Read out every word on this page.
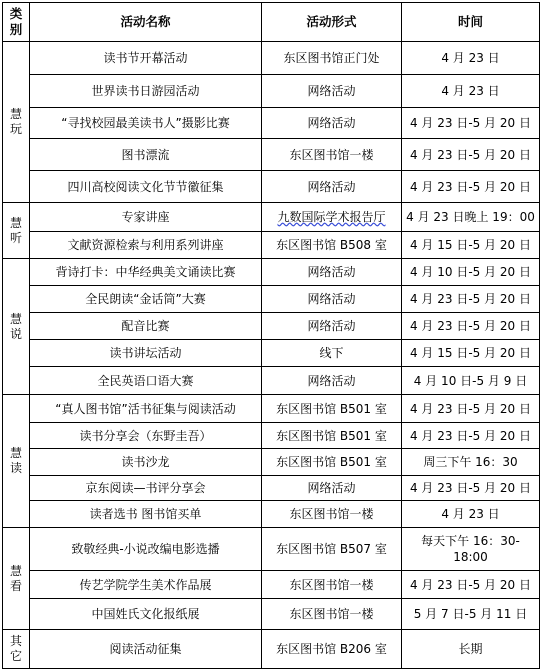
类别	活动名称	活动形式	时间
慧玩	读书节开幕活动	东区图书馆正门处	4 月 23 日
	世界读书日游园活动	网络活动	4 月 23 日
	“寻找校园最美读书人”摄影比赛	网络活动	4 月 23 日-5 月 20 日
	图书漂流	东区图书馆一楼	4 月 23 日-5 月 20 日
	四川高校阅读文化节节徽征集	网络活动	4 月 23 日-5 月 20 日
慧听	专家讲座	九数国际学术报告厅	4 月 23 日晚上 19：00
	文献资源检索与利用系列讲座	东区图书馆 B508 室	4 月 15 日-5 月 20 日
慧说	背诗打卡：中华经典美文诵读比赛	网络活动	4 月 10 日-5 月 20 日
	全民朗读“金话筒”大赛	网络活动	4 月 23 日-5 月 20 日
	配音比赛	网络活动	4 月 23 日-5 月 20 日
	读书讲坛活动	线下	4 月 15 日-5 月 20 日
	全民英语口语大赛	网络活动	4 月 10 日-5 月 9 日
慧读	“真人图书馆”活书征集与阅读活动	东区图书馆 B501 室	4 月 23 日-5 月 20 日
	读书分享会（东野圭吾）	东区图书馆 B501 室	4 月 23 日-5 月 20 日
	读书沙龙	东区图书馆 B501 室	周三下午 16：30
	京东阅读—书评分享会	网络活动	4 月 23 日-5 月 20 日
	读者选书 图书馆买单	东区图书馆一楼	4 月 23 日
慧看	致敬经典-小说改编电影选播	东区图书馆 B507 室	每天下午 16：30-18:00
	传艺学院学生美术作品展	东区图书馆一楼	4 月 23 日-5 月 20 日
	中国姓氏文化报纸展	东区图书馆一楼	5 月 7 日-5 月 11 日
其它	阅读活动征集	东区图书馆 B206 室	长期
